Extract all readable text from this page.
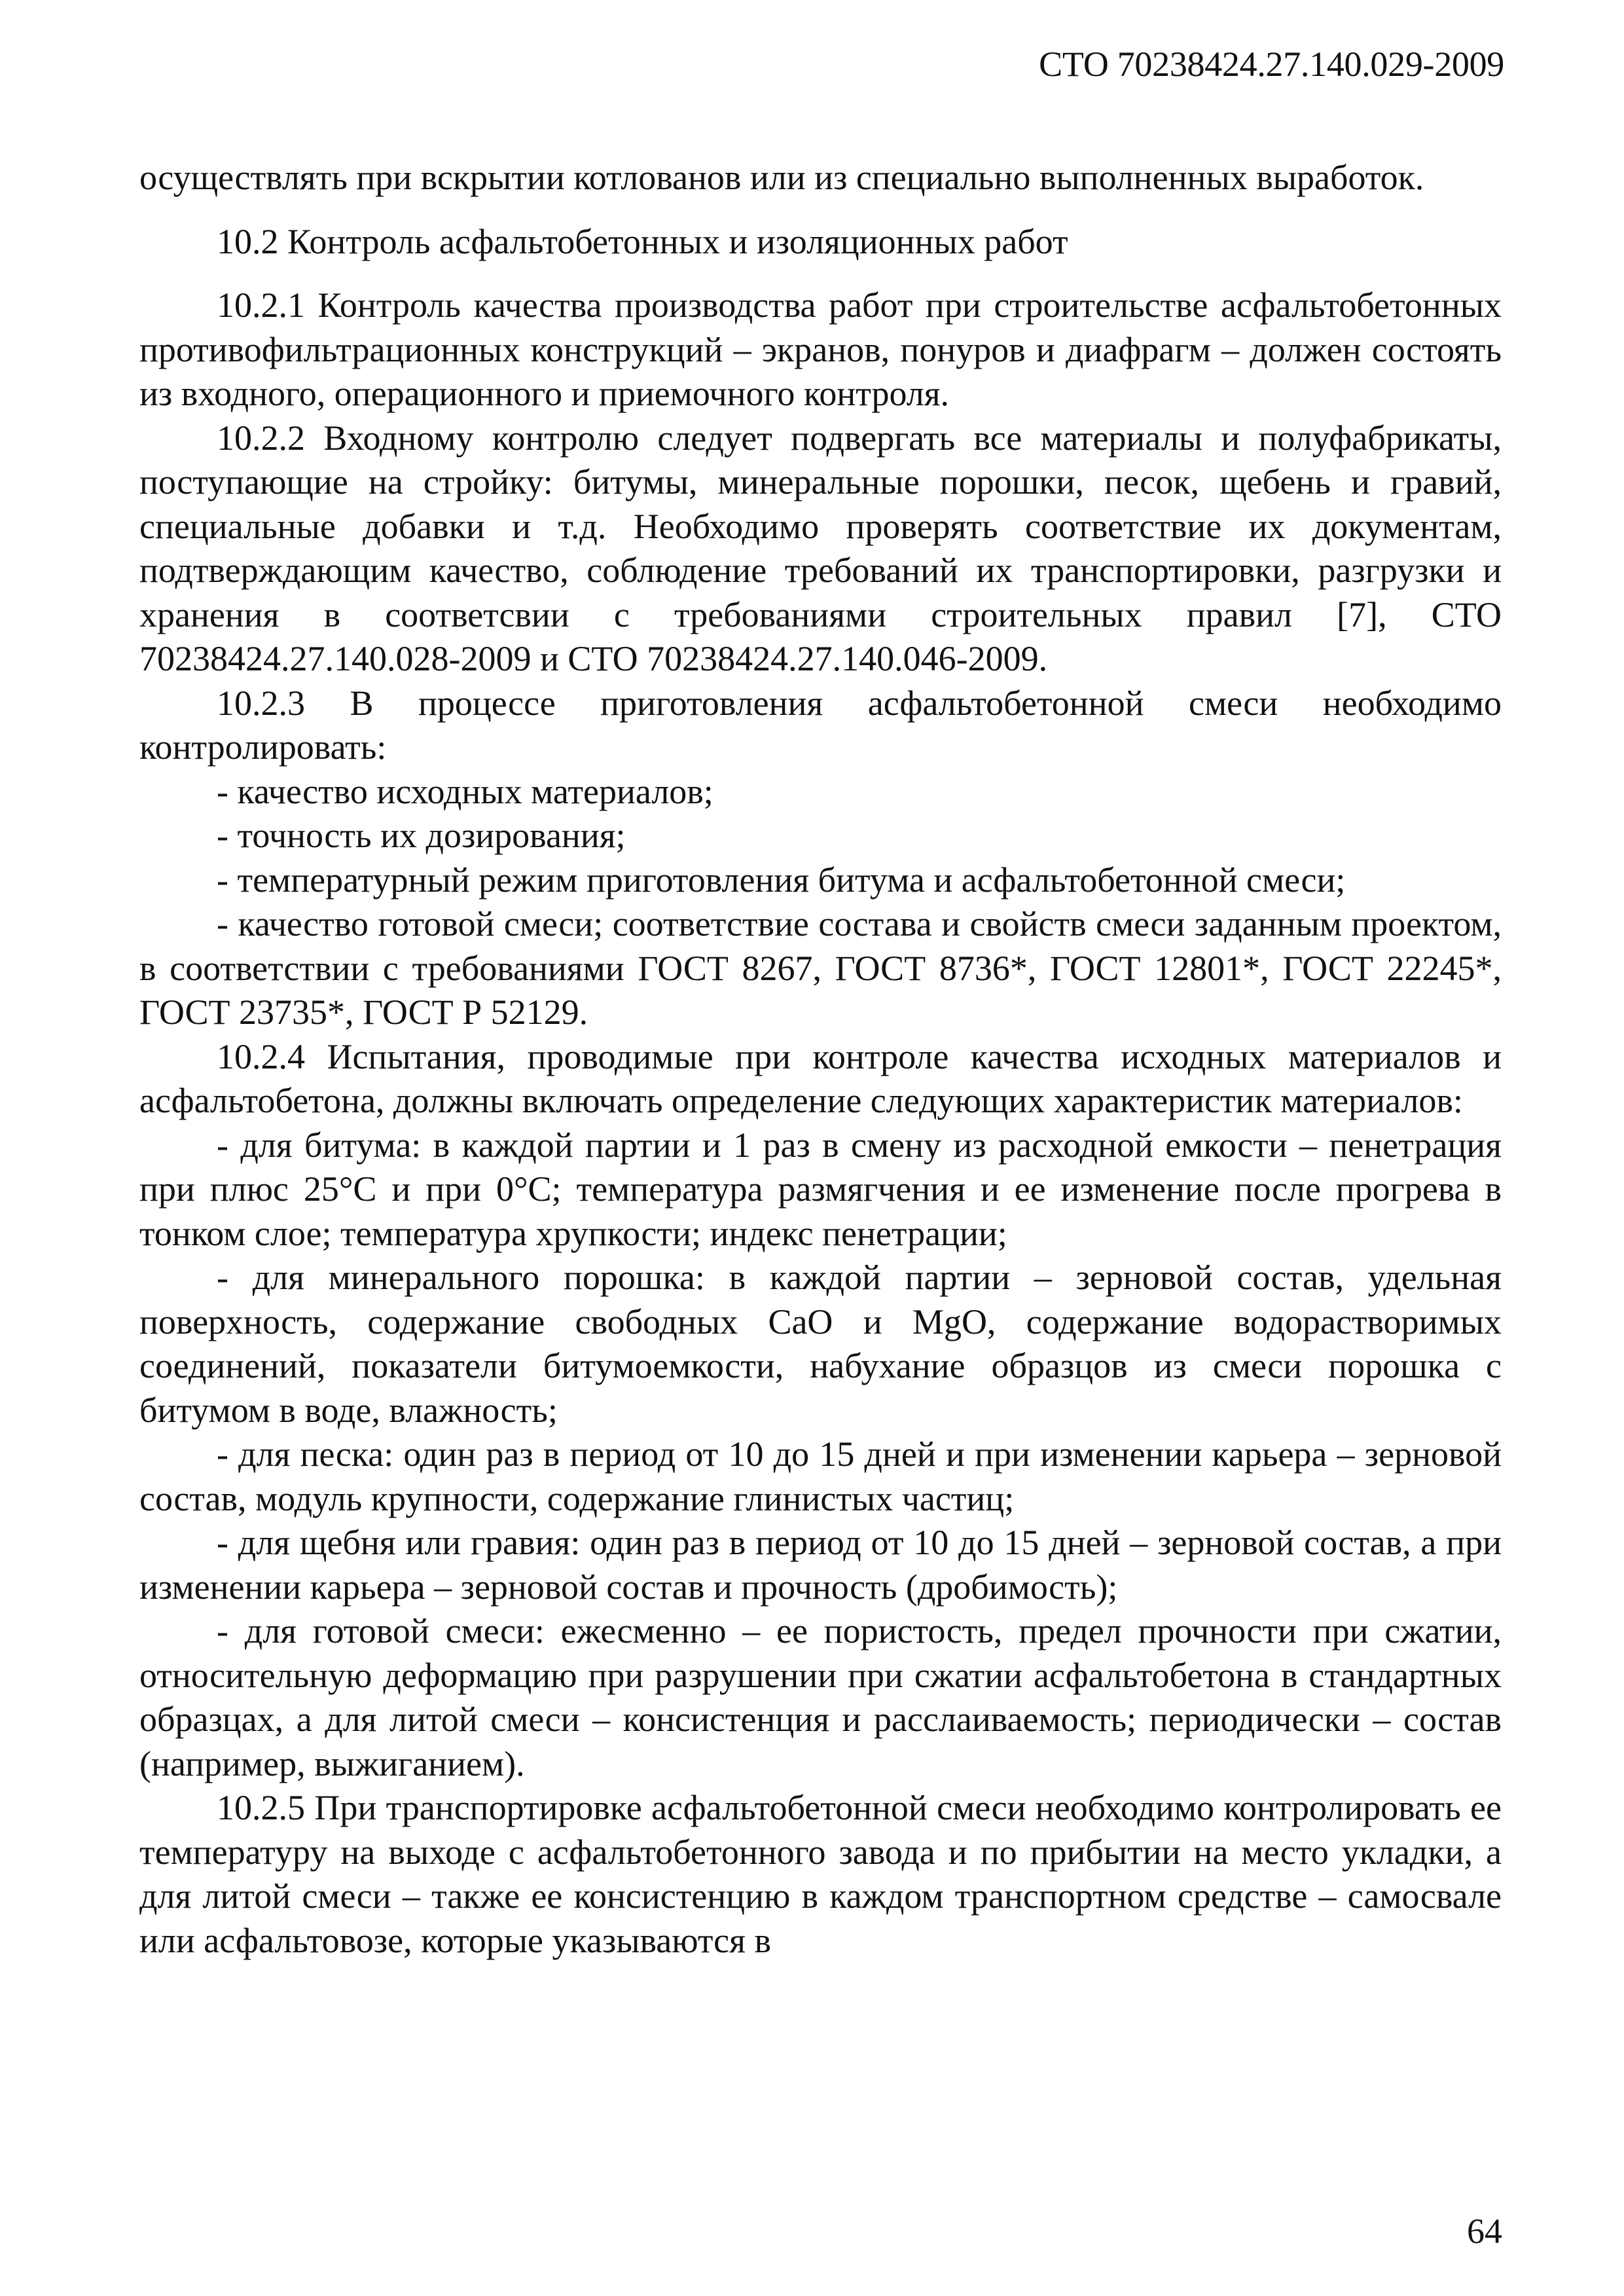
СТО 70238424.27.140.029-2009

осуществлять при вскрытии котлованов или из специально выполненных выработок.

10.2 Контроль асфальтобетонных и изоляционных работ

10.2.1 Контроль качества производства работ при строительстве асфальтобетонных противофильтрационных конструкций – экранов, понуров и диафрагм – должен состоять из входного, операционного и приемочного контроля.

10.2.2 Входному контролю следует подвергать все материалы и полуфабрикаты, поступающие на стройку: битумы, минеральные порошки, песок, щебень и гравий, специальные добавки и т.д. Необходимо проверять соответствие их документам, подтверждающим качество, соблюдение требований их транспортировки, разгрузки и хранения в соответсвии с требованиями строительных правил [7], СТО 70238424.27.140.028-2009 и СТО 70238424.27.140.046-2009.

10.2.3 В процессе приготовления асфальтобетонной смеси необходимо контролировать:

- качество исходных материалов;

- точность их дозирования;

- температурный режим приготовления битума и асфальтобетонной смеси;

- качество готовой смеси; соответствие состава и свойств смеси заданным проектом, в соответствии с требованиями ГОСТ 8267, ГОСТ 8736*, ГОСТ 12801*, ГОСТ 22245*, ГОСТ 23735*, ГОСТ Р 52129.

10.2.4 Испытания, проводимые при контроле качества исходных материалов и асфальтобетона, должны включать определение следующих характеристик материалов:

- для битума: в каждой партии и 1 раз в смену из расходной емкости – пенетрация при плюс 25°С и при 0°С; температура размягчения и ее изменение после прогрева в тонком слое; температура хрупкости; индекс пенетрации;

- для минерального порошка: в каждой партии – зерновой состав, удельная поверхность, содержание свободных CaO и MgO, содержание водорастворимых соединений, показатели битумоемкости, набухание образцов из смеси порошка с битумом в воде, влажность;

- для песка: один раз в период от 10 до 15 дней и при изменении карьера – зерновой состав, модуль крупности, содержание глинистых частиц;

- для щебня или гравия: один раз в период от 10 до 15 дней – зерновой состав, а при изменении карьера – зерновой состав и прочность (дробимость);

- для готовой смеси: ежесменно – ее пористость, предел прочности при сжатии, относительную деформацию при разрушении при сжатии асфальтобетона в стандартных образцах, а для литой смеси – консистенция и расслаиваемость; периодически – состав (например, выжиганием).

10.2.5 При транспортировке асфальтобетонной смеси необходимо контролировать ее температуру на выходе с асфальтобетонного завода и по прибытии на место укладки, а для литой смеси – также ее консистенцию в каждом транспортном средстве – самосвале или асфальтовозе, которые указываются в

64
